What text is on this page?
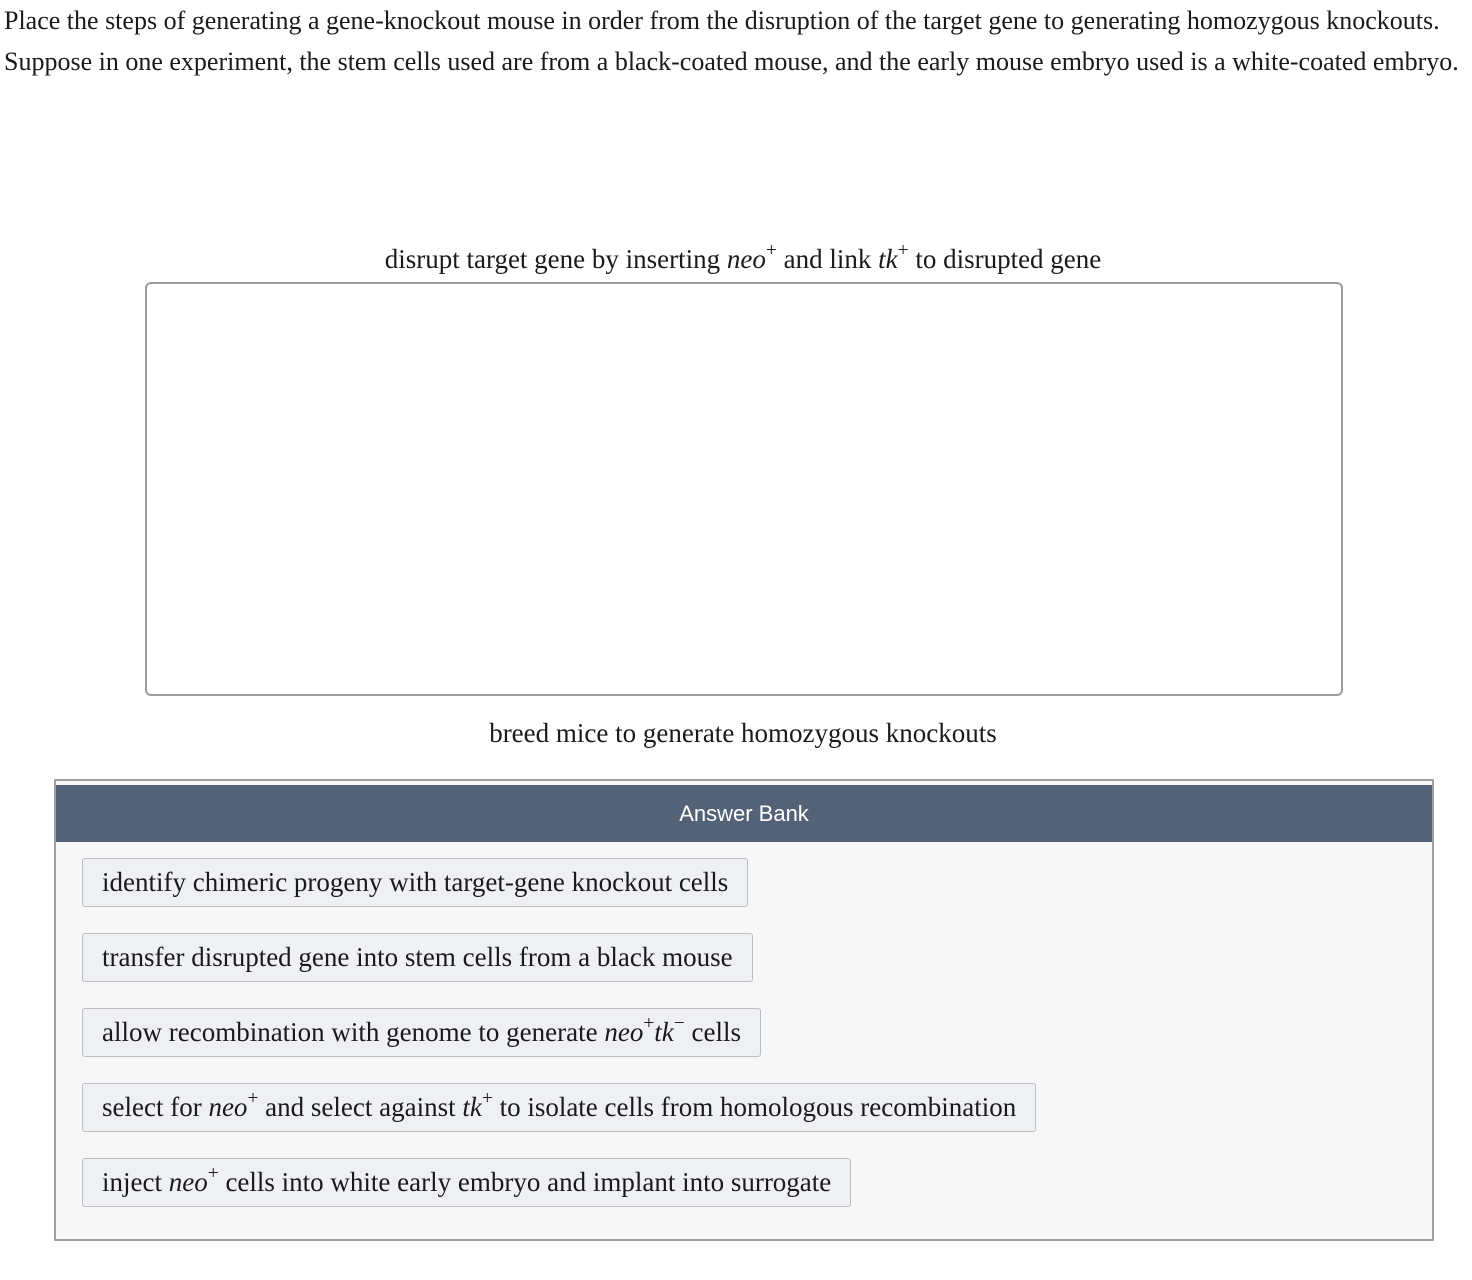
Place the steps of generating a gene-knockout mouse in order from the disruption of the target gene to generating homozygous knockouts. Suppose in one experiment, the stem cells used are from a black-coated mouse, and the early mouse embryo used is a white-coated embryo.

disrupt target gene by inserting neo+ and link tk+ to disrupted gene
breed mice to generate homozygous knockouts
Answer Bank
identify chimeric progeny with target-gene knockout cells
transfer disrupted gene into stem cells from a black mouse
allow recombination with genome to generate neo+tk− cells
select for neo+ and select against tk+ to isolate cells from homologous recombination
inject neo+ cells into white early embryo and implant into surrogate
